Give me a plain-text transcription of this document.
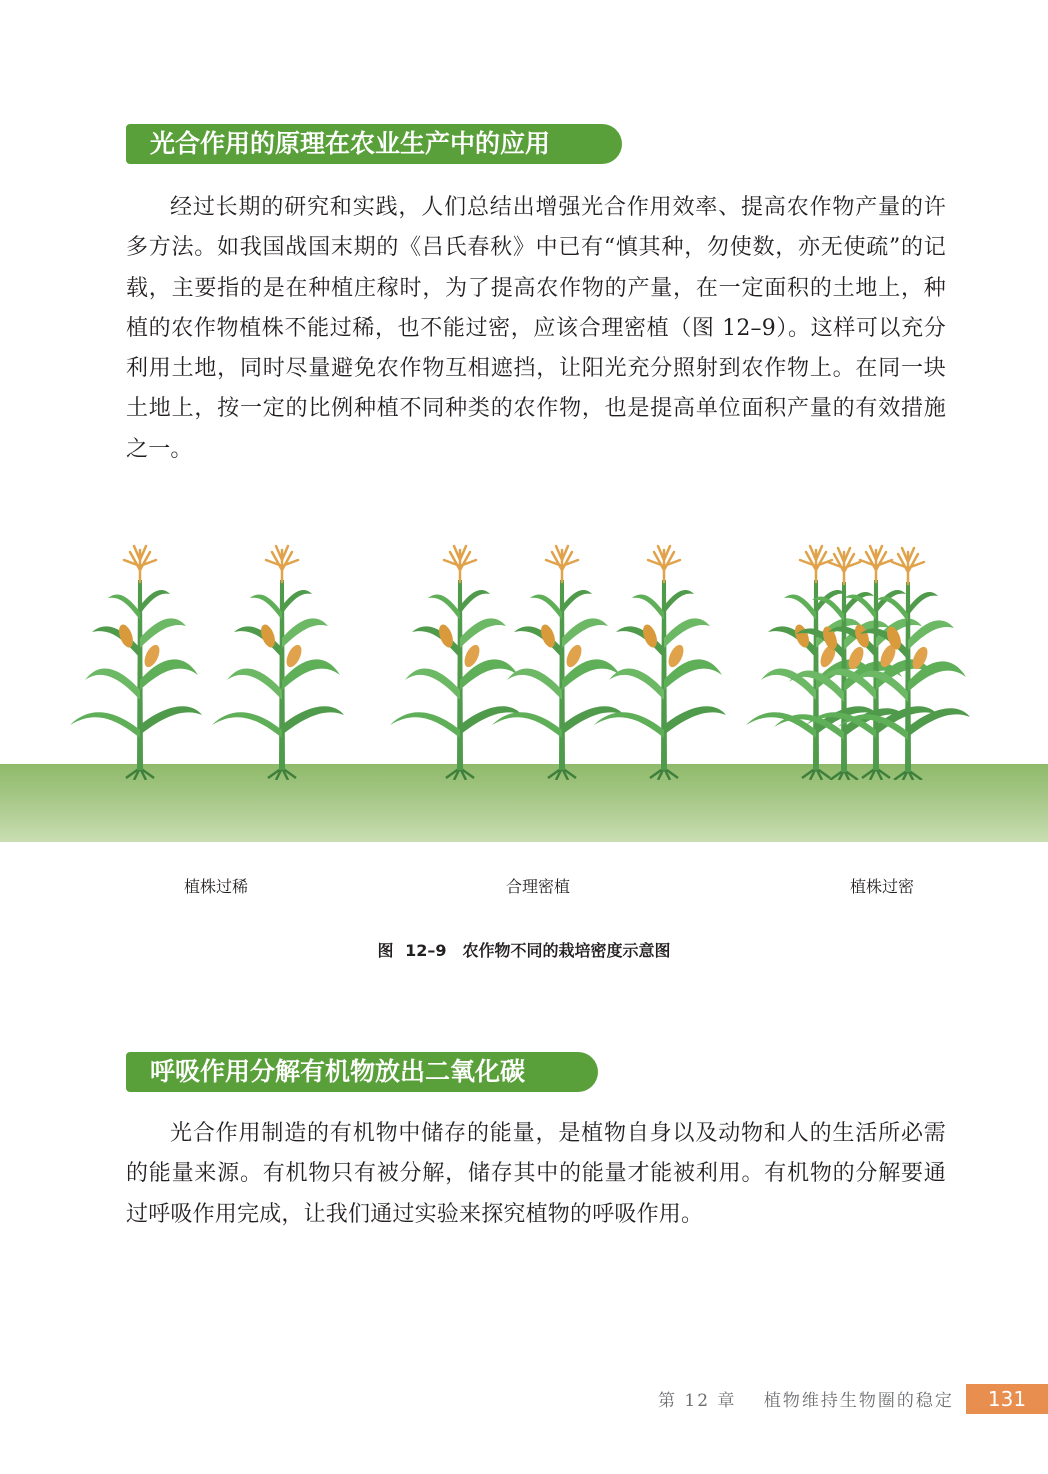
光合作用的原理在农业生产中的应用

经过长期的研究和实践，人们总结出增强光合作用效率、提高农作物产量的许多方法。如我国战国末期的《吕氏春秋》中已有“慎其种，勿使数，亦无使疏”的记载，主要指的是在种植庄稼时，为了提高农作物的产量，在一定面积的土地上，种植的农作物植株不能过稀，也不能过密，应该合理密植（图 12–9）。这样可以充分利用土地，同时尽量避免农作物互相遮挡，让阳光充分照射到农作物上。在同一块土地上，按一定的比例种植不同种类的农作物，也是提高单位面积产量的有效措施之一。

植株过稀	合理密植	植株过密
图 12–9　农作物不同的栽培密度示意图
呼吸作用分解有机物放出二氧化碳

光合作用制造的有机物中储存的能量，是植物自身以及动物和人的生活所必需的能量来源。有机物只有被分解，储存其中的能量才能被利用。有机物的分解要通过呼吸作用完成，让我们通过实验来探究植物的呼吸作用。

第 12 章 植物维持生物圈的稳定	131
